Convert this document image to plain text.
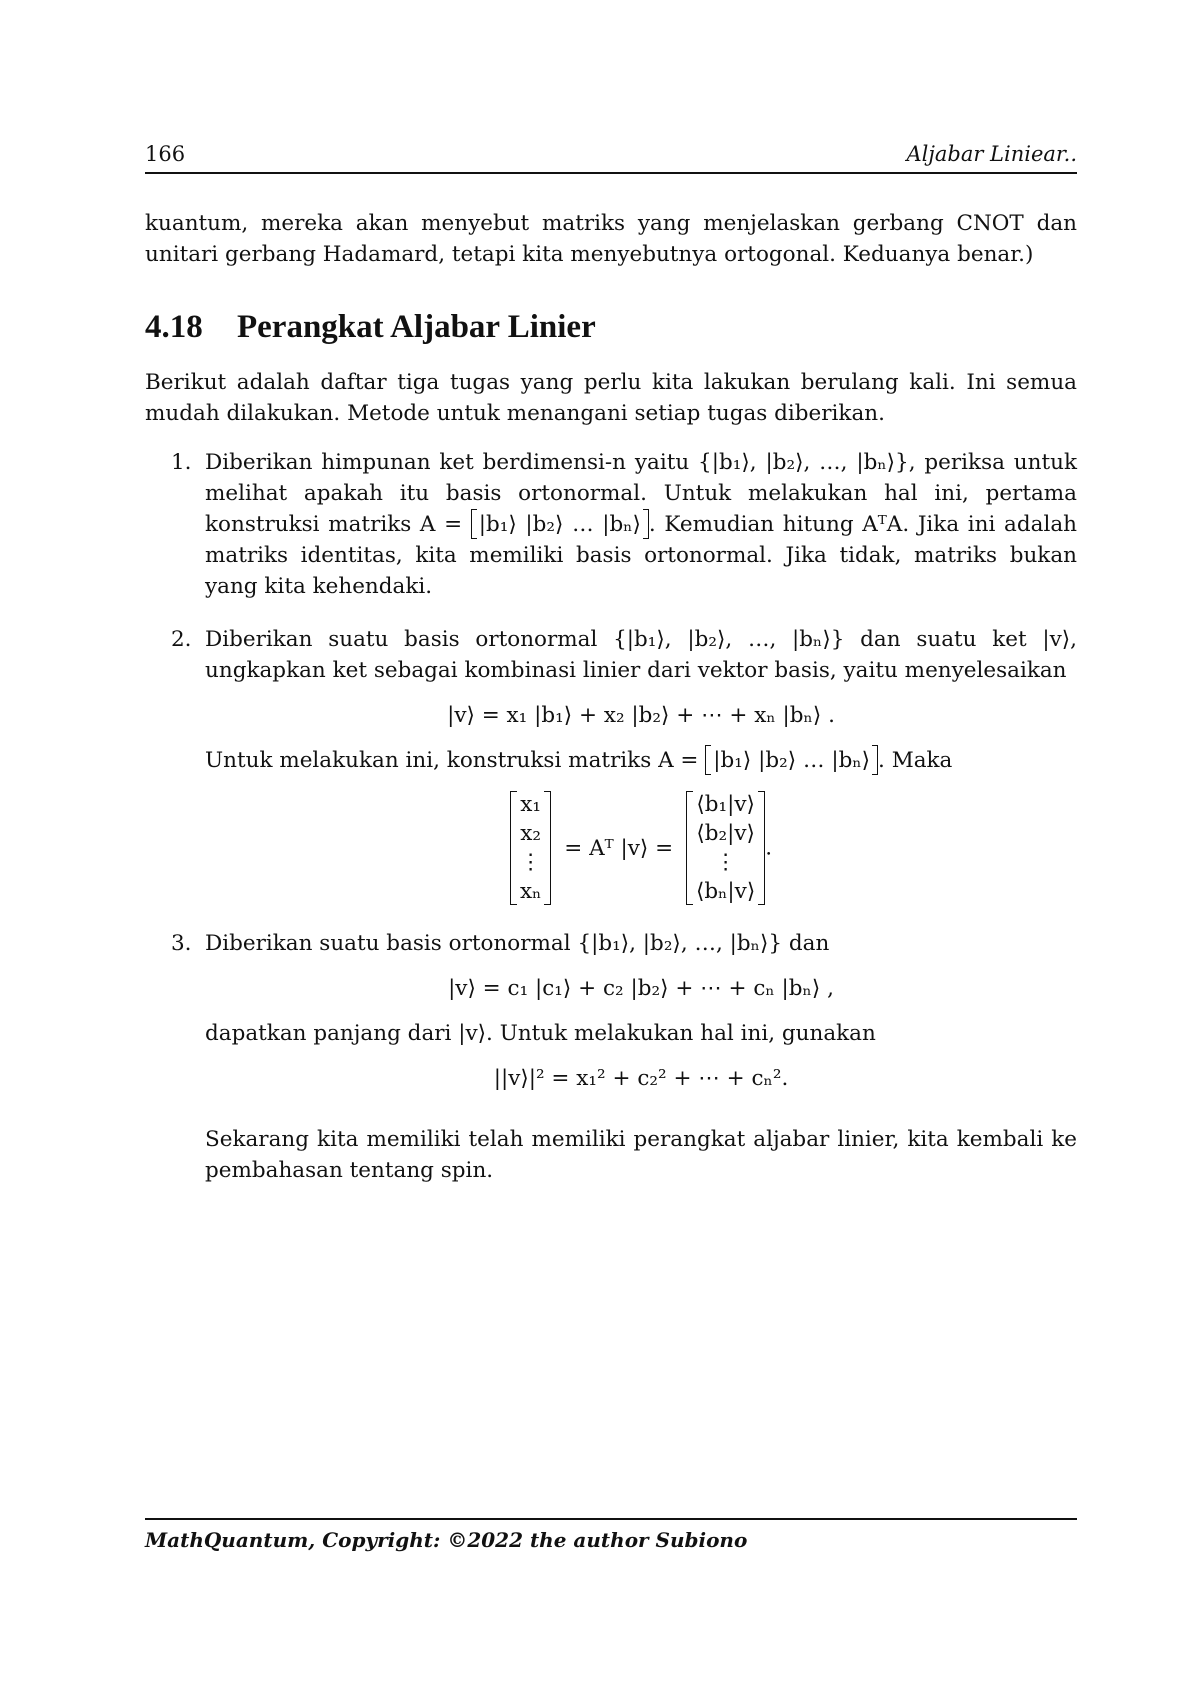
166	Aljabar Liniear..

kuantum, mereka akan menyebut matriks yang menjelaskan gerbang CNOT dan unitari gerbang Hadamard, tetapi kita menyebutnya ortogonal. Keduanya benar.)

4.18	Perangkat Aljabar Linier

Berikut adalah daftar tiga tugas yang perlu kita lakukan berulang kali. Ini semua mudah dilakukan. Metode untuk menangani setiap tugas diberikan.

1. Diberikan himpunan ket berdimensi-n yaitu {|b₁⟩, |b₂⟩, …, |bₙ⟩}, periksa untuk melihat apakah itu basis ortonormal. Untuk melakukan hal ini, pertama konstruksi matriks A = |b₁⟩ |b₂⟩ … |bₙ⟩ . Kemudian hitung AᵀA. Jika ini adalah matriks identitas, kita memiliki basis ortonormal. Jika tidak, matriks bukan yang kita kehendaki.

2. Diberikan suatu basis ortonormal {|b₁⟩, |b₂⟩, …, |bₙ⟩} dan suatu ket |v⟩, ungkapkan ket sebagai kombinasi linier dari vektor basis, yaitu menyelesaikan

|v⟩ = x₁ |b₁⟩ + x₂ |b₂⟩ + ⋯ + xₙ |bₙ⟩ .

Untuk melakukan ini, konstruksi matriks A = |b₁⟩ |b₂⟩ … |bₙ⟩ . Maka

x₁
x₂
⋮
xₙ = Aᵀ |v⟩ = ⟨b₁|v⟩
⟨b₂|v⟩
⋮
⟨bₙ|v⟩.
3. Diberikan suatu basis ortonormal {|b₁⟩, |b₂⟩, …, |bₙ⟩} dan

|v⟩ = c₁ |c₁⟩ + c₂ |b₂⟩ + ⋯ + cₙ |bₙ⟩ ,

dapatkan panjang dari |v⟩. Untuk melakukan hal ini, gunakan

||v⟩|² = x₁² + c₂² + ⋯ + cₙ².

Sekarang kita memiliki telah memiliki perangkat aljabar linier, kita kembali ke pembahasan tentang spin.

MathQuantum, Copyright: ©2022 the author Subiono
